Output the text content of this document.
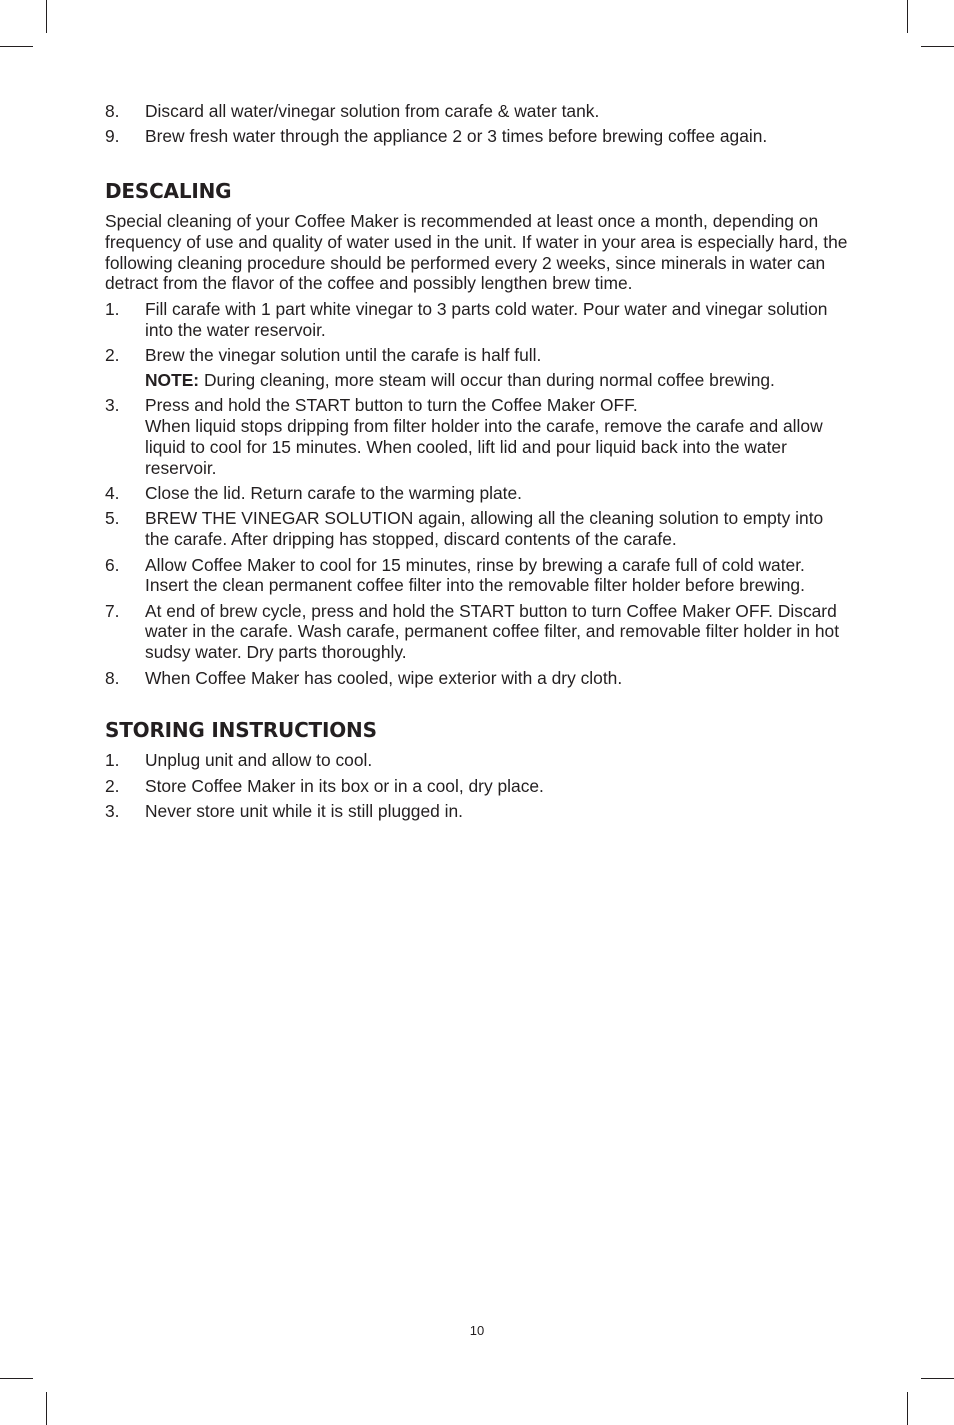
8.	Discard all water/vinegar solution from carafe & water tank.
9.	Brew fresh water through the appliance 2 or 3 times before brewing coffee again.
DESCALING

Special cleaning of your Coffee Maker is recommended at least once a month, depending on frequency of use and quality of water used in the unit. If water in your area is especially hard, the following cleaning procedure should be performed every 2 weeks, since minerals in water can detract from the flavor of the coffee and possibly lengthen brew time.

1.	Fill carafe with 1 part white vinegar to 3 parts cold water. Pour water and vinegar solution into the water reservoir.
2.	Brew the vinegar solution until the carafe is half full.
NOTE: During cleaning, more steam will occur than during normal coffee brewing.
3.	Press and hold the START button to turn the Coffee Maker OFF.
When liquid stops dripping from filter holder into the carafe, remove the carafe and allow liquid to cool for 15 minutes. When cooled, lift lid and pour liquid back into the water reservoir.
4.	Close the lid. Return carafe to the warming plate.
5.	BREW THE VINEGAR SOLUTION again, allowing all the cleaning solution to empty into the carafe. After dripping has stopped, discard contents of the carafe.
6.	Allow Coffee Maker to cool for 15 minutes, rinse by brewing a carafe full of cold water. Insert the clean permanent coffee filter into the removable filter holder before brewing.
7.	At end of brew cycle, press and hold the START button to turn Coffee Maker OFF. Discard water in the carafe. Wash carafe, permanent coffee filter, and removable filter holder in hot sudsy water. Dry parts thoroughly.
8.	When Coffee Maker has cooled, wipe exterior with a dry cloth.
STORING INSTRUCTIONS
1.	Unplug unit and allow to cool.
2.	Store Coffee Maker in its box or in a cool, dry place.
3.	Never store unit while it is still plugged in.
10
